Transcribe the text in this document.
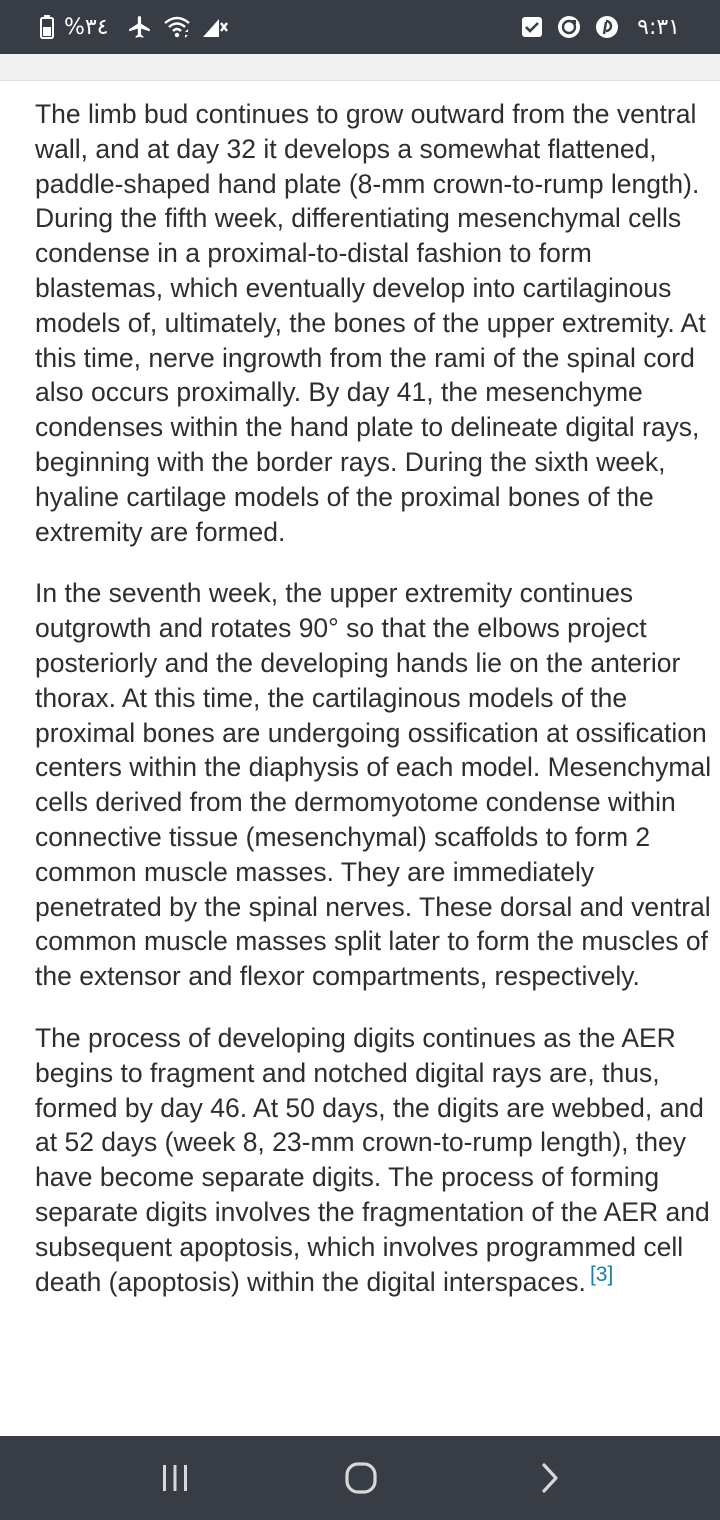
%٣٤	٩:٣١

The limb bud continues to grow outward from the ventral wall, and at day 32 it develops a somewhat flattened, paddle-shaped hand plate (8-mm crown-to-rump length). During the fifth week, differentiating mesenchymal cells condense in a proximal-to-distal fashion to form blastemas, which eventually develop into cartilaginous models of, ultimately, the bones of the upper extremity. At this time, nerve ingrowth from the rami of the spinal cord also occurs proximally. By day 41, the mesenchyme condenses within the hand plate to delineate digital rays, beginning with the border rays. During the sixth week, hyaline cartilage models of the proximal bones of the extremity are formed.

In the seventh week, the upper extremity continues outgrowth and rotates 90° so that the elbows project posteriorly and the developing hands lie on the anterior thorax. At this time, the cartilaginous models of the proximal bones are undergoing ossification at ossification centers within the diaphysis of each model. Mesenchymal cells derived from the dermomyotome condense within connective tissue (mesenchymal) scaffolds to form 2 common muscle masses. They are immediately penetrated by the spinal nerves. These dorsal and ventral common muscle masses split later to form the muscles of the extensor and flexor compartments, respectively.

The process of developing digits continues as the AER begins to fragment and notched digital rays are, thus, formed by day 46. At 50 days, the digits are webbed, and at 52 days (week 8, 23-mm crown-to-rump length), they have become separate digits. The process of forming separate digits involves the fragmentation of the AER and subsequent apoptosis, which involves programmed cell death (apoptosis) within the digital interspaces. [3]
